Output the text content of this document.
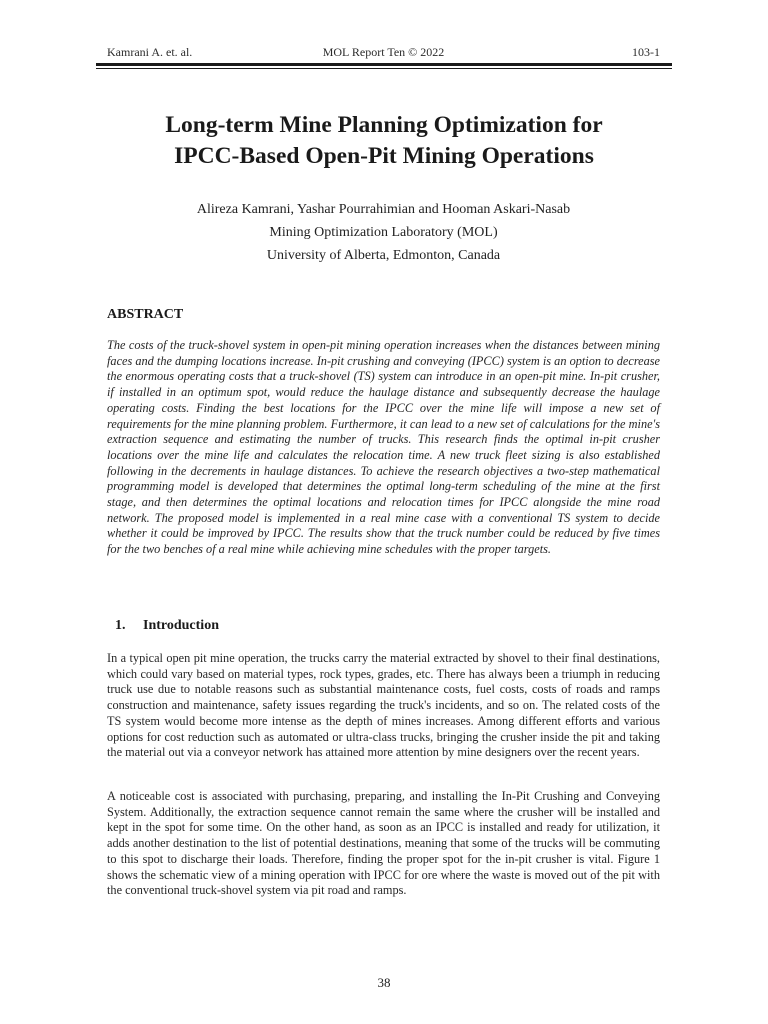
Kamrani A. et. al.	MOL Report Ten © 2022	103-1
Long-term Mine Planning Optimization for
IPCC-Based Open-Pit Mining Operations
Alireza Kamrani, Yashar Pourrahimian and Hooman Askari-Nasab
Mining Optimization Laboratory (MOL)
University of Alberta, Edmonton, Canada
ABSTRACT
The costs of the truck-shovel system in open-pit mining operation increases when the distances between mining faces and the dumping locations increase. In-pit crushing and conveying (IPCC) system is an option to decrease the enormous operating costs that a truck-shovel (TS) system can introduce in an open-pit mine. In-pit crusher, if installed in an optimum spot, would reduce the haulage distance and subsequently decrease the haulage operating costs. Finding the best locations for the IPCC over the mine life will impose a new set of requirements for the mine planning problem. Furthermore, it can lead to a new set of calculations for the mine's extraction sequence and estimating the number of trucks. This research finds the optimal in-pit crusher locations over the mine life and calculates the relocation time. A new truck fleet sizing is also established following in the decrements in haulage distances. To achieve the research objectives a two-step mathematical programming model is developed that determines the optimal long-term scheduling of the mine at the first stage, and then determines the optimal locations and relocation times for IPCC alongside the mine road network. The proposed model is implemented in a real mine case with a conventional TS system to decide whether it could be improved by IPCC. The results show that the truck number could be reduced by five times for the two benches of a real mine while achieving mine schedules with the proper targets.
1. Introduction

In a typical open pit mine operation, the trucks carry the material extracted by shovel to their final destinations, which could vary based on material types, rock types, grades, etc. There has always been a triumph in reducing truck use due to notable reasons such as substantial maintenance costs, fuel costs, costs of roads and ramps construction and maintenance, safety issues regarding the truck's incidents, and so on. The related costs of the TS system would become more intense as the depth of mines increases. Among different efforts and various options for cost reduction such as automated or ultra-class trucks, bringing the crusher inside the pit and taking the material out via a conveyor network has attained more attention by mine designers over the recent years.

A noticeable cost is associated with purchasing, preparing, and installing the In-Pit Crushing and Conveying System. Additionally, the extraction sequence cannot remain the same where the crusher will be installed and kept in the spot for some time. On the other hand, as soon as an IPCC is installed and ready for utilization, it adds another destination to the list of potential destinations, meaning that some of the trucks will be commuting to this spot to discharge their loads. Therefore, finding the proper spot for the in-pit crusher is vital. Figure 1 shows the schematic view of a mining operation with IPCC for ore where the waste is moved out of the pit with the conventional truck-shovel system via pit road and ramps.

38
